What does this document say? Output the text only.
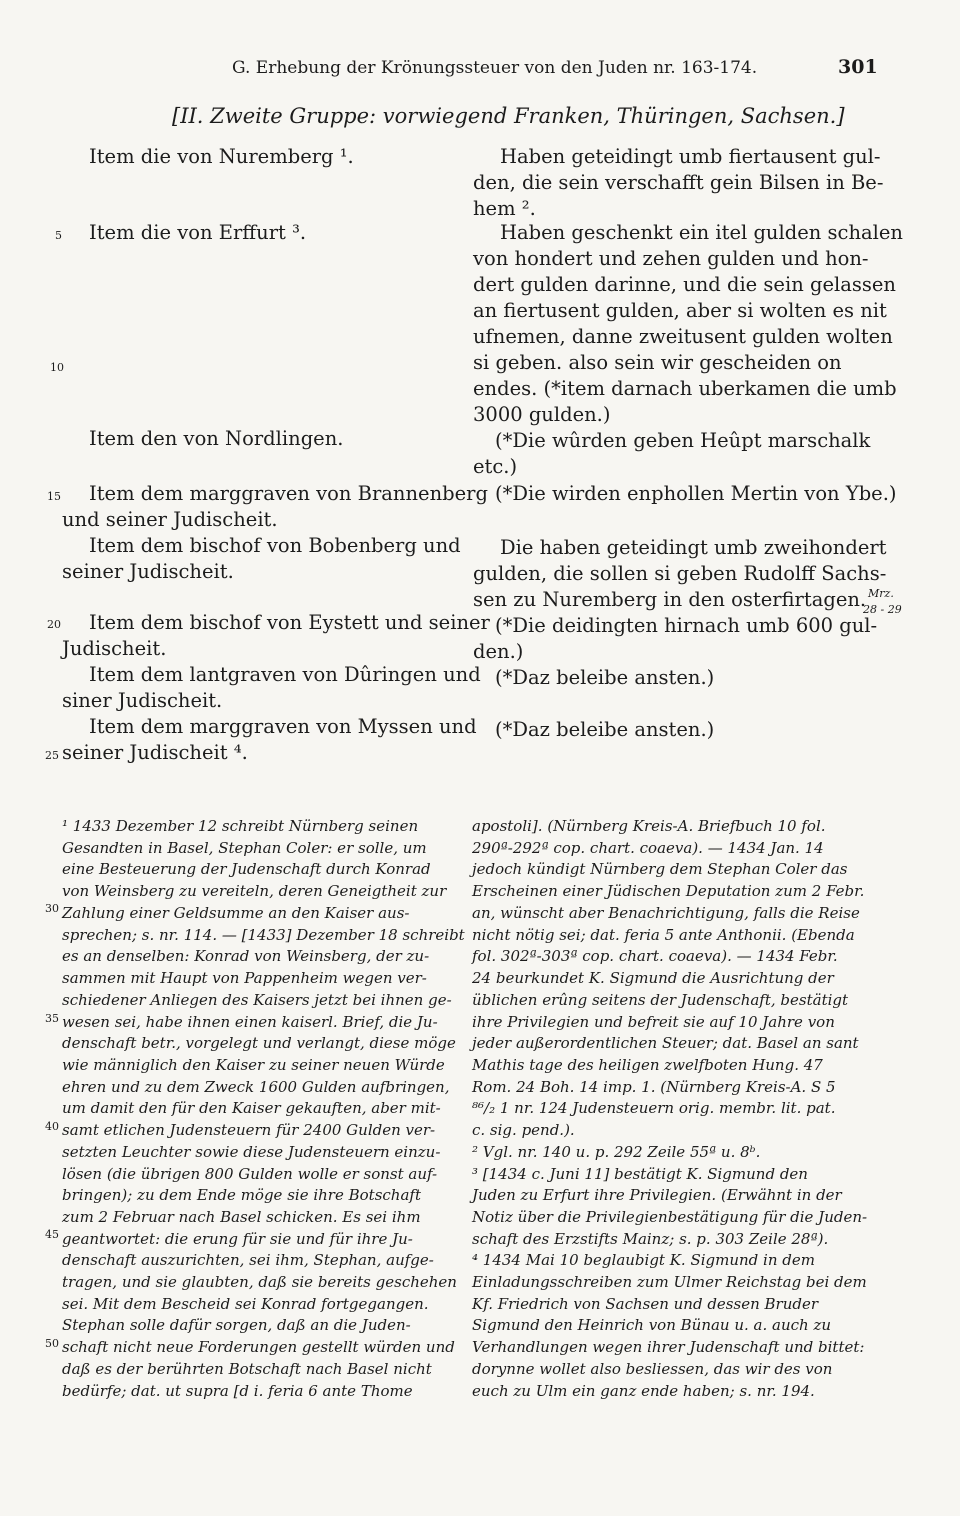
G. Erhebung der Krönungssteuer von den Juden nr. 163-174.	301
[II. Zweite Gruppe: vorwiegend Franken, Thüringen, Sachsen.]
Item die von Nuremberg ¹.
Item die von Erffurt ³.
Item den von Nordlingen.
Item dem marggraven von Brannenberg
und seiner Judischeit.
Item dem bischof von Bobenberg und
seiner Judischeit.
Item dem bischof von Eystett und seiner
Judischeit.
Item dem lantgraven von Dûringen und
siner Judischeit.
Item dem marggraven von Myssen und
seiner Judischeit ⁴.
5
10
15
20
25
30
35
40
45
50
Haben geteidingt umb fiertausent gul-
den, die sein verschafft gein Bilsen in Be-
hem ².
Haben geschenkt ein itel gulden schalen
von hondert und zehen gulden und hon-
dert gulden darinne, und die sein gelassen
an fiertusent gulden, aber si wolten es nit
ufnemen, danne zweitusent gulden wolten
si geben. also sein wir gescheiden on
endes. (*item darnach uberkamen die umb
3000 gulden.)
(*Die wûrden geben Heûpt marschalk
etc.)
(*Die wirden enphollen Mertin von Ybe.)
Die haben geteidingt umb zweihondert
gulden, die sollen si geben Rudolff Sachs-
sen zu Nuremberg in den osterfirtagen.
(*Die deidingten hirnach umb 600 gul-
den.)
(*Daz beleibe ansten.)
(*Daz beleibe ansten.)
Mrz.
28 - 29
¹ 1433 Dezember 12 schreibt Nürnberg seinen
Gesandten in Basel, Stephan Coler: er solle, um
eine Besteuerung der Judenschaft durch Konrad
von Weinsberg zu vereiteln, deren Geneigtheit zur
Zahlung einer Geldsumme an den Kaiser aus-
sprechen; s. nr. 114. — [1433] Dezember 18 schreibt
es an denselben: Konrad von Weinsberg, der zu-
sammen mit Haupt von Pappenheim wegen ver-
schiedener Anliegen des Kaisers jetzt bei ihnen ge-
wesen sei, habe ihnen einen kaiserl. Brief, die Ju-
denschaft betr., vorgelegt und verlangt, diese möge
wie männiglich den Kaiser zu seiner neuen Würde
ehren und zu dem Zweck 1600 Gulden aufbringen,
um damit den für den Kaiser gekauften, aber mit-
samt etlichen Judensteuern für 2400 Gulden ver-
setzten Leuchter sowie diese Judensteuern einzu-
lösen (die übrigen 800 Gulden wolle er sonst auf-
bringen); zu dem Ende möge sie ihre Botschaft
zum 2 Februar nach Basel schicken. Es sei ihm
geantwortet: die erung für sie und für ihre Ju-
denschaft auszurichten, sei ihm, Stephan, aufge-
tragen, und sie glaubten, daß sie bereits geschehen
sei. Mit dem Bescheid sei Konrad fortgegangen.
Stephan solle dafür sorgen, daß an die Juden-
schaft nicht neue Forderungen gestellt würden und
daß es der berührten Botschaft nach Basel nicht
bedürfe; dat. ut supra [d i. feria 6 ante Thome
apostoli]. (Nürnberg Kreis-A. Briefbuch 10 fol.
290ª-292ª cop. chart. coaeva). — 1434 Jan. 14
jedoch kündigt Nürnberg dem Stephan Coler das
Erscheinen einer Jüdischen Deputation zum 2 Febr.
an, wünscht aber Benachrichtigung, falls die Reise
nicht nötig sei; dat. feria 5 ante Anthonii. (Ebenda
fol. 302ª-303ª cop. chart. coaeva). — 1434 Febr.
24 beurkundet K. Sigmund die Ausrichtung der
üblichen erûng seitens der Judenschaft, bestätigt
ihre Privilegien und befreit sie auf 10 Jahre von
jeder außerordentlichen Steuer; dat. Basel an sant
Mathis tage des heiligen zwelfboten Hung. 47
Rom. 24 Boh. 14 imp. 1. (Nürnberg Kreis-A. S 5
⁸⁶/₂ 1 nr. 124 Judensteuern orig. membr. lit. pat.
c. sig. pend.).
² Vgl. nr. 140 u. p. 292 Zeile 55ª u. 8ᵇ.
³ [1434 c. Juni 11] bestätigt K. Sigmund den
Juden zu Erfurt ihre Privilegien. (Erwähnt in der
Notiz über die Privilegienbestätigung für die Juden-
schaft des Erzstifts Mainz; s. p. 303 Zeile 28ª).
⁴ 1434 Mai 10 beglaubigt K. Sigmund in dem
Einladungsschreiben zum Ulmer Reichstag bei dem
Kf. Friedrich von Sachsen und dessen Bruder
Sigmund den Heinrich von Bünau u. a. auch zu
Verhandlungen wegen ihrer Judenschaft und bittet:
dorynne wollet also besliessen, das wir des von
euch zu Ulm ein ganz ende haben; s. nr. 194.
